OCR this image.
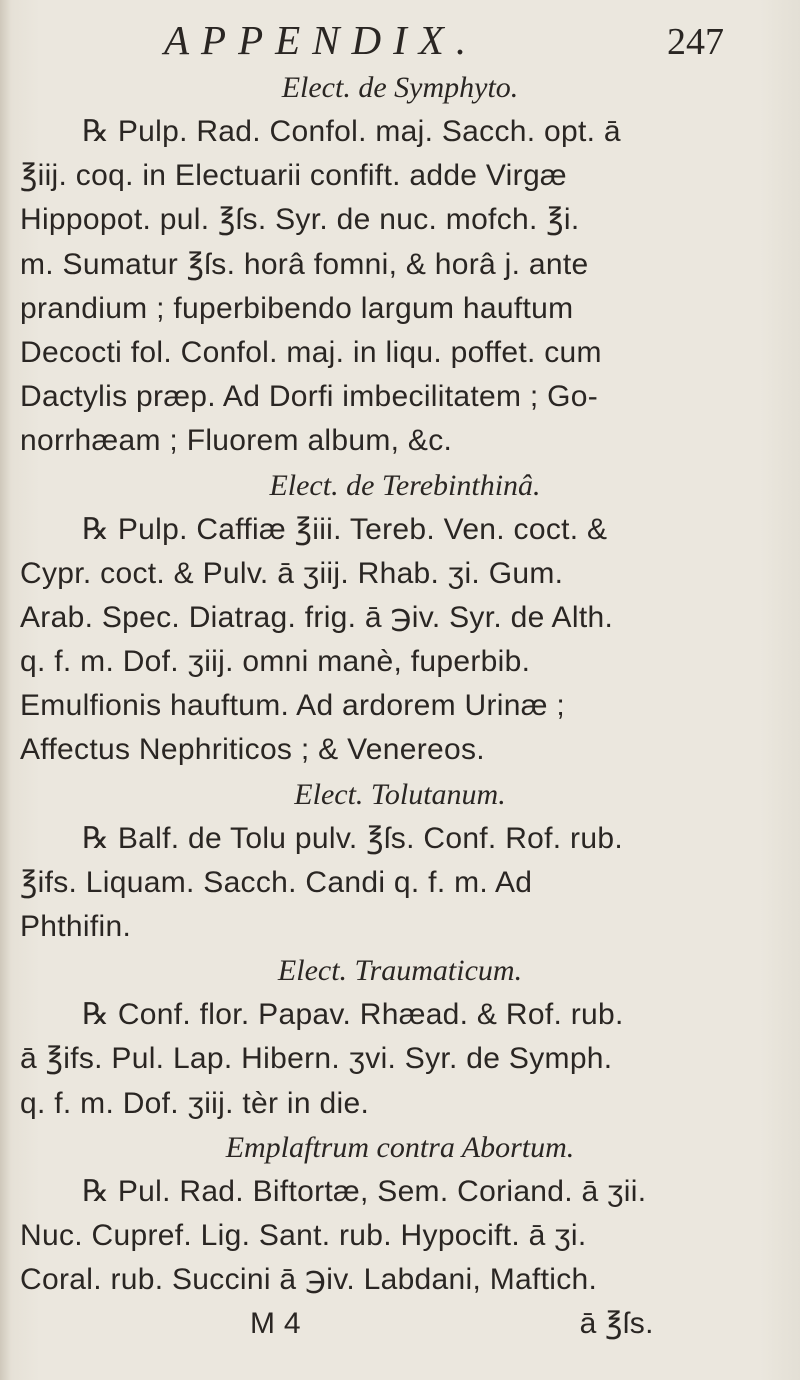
APPENDIX.	247
Elect. de Symphyto.
℞ Pulp. Rad. Confol. maj. Sacch. opt. ā
℥iij. coq. in Electuarii confift. adde Virgæ
Hippopot. pul. ℥ſs. Syr. de nuc. mofch. ℥i.
m. Sumatur ℥ſs. horâ fomni, & horâ j. ante
prandium ; fuperbibendo largum hauftum
Decocti fol. Confol. maj. in liqu. poffet. cum
Dactylis præp. Ad Dorfi imbecilitatem ; Go-
norrhæam ; Fluorem album, &c.
Elect. de Terebinthinâ.
℞ Pulp. Caffiæ ℥iii. Tereb. Ven. coct. &
Cypr. coct. & Pulv. ā ʒiij. Rhab. ʒi. Gum.
Arab. Spec. Diatrag. frig. ā ℈iv. Syr. de Alth.
q. f. m. Dof. ʒiij. omni manè, fuperbib.
Emulfionis hauftum. Ad ardorem Urinæ ;
Affectus Nephriticos ; & Venereos.
Elect. Tolutanum.
℞ Balf. de Tolu pulv. ℥ſs. Conf. Rof. rub.
℥ifs. Liquam. Sacch. Candi q. f. m. Ad
Phthifin.
Elect. Traumaticum.
℞ Conf. flor. Papav. Rhæad. & Rof. rub.
ā ℥ifs. Pul. Lap. Hibern. ʒvi. Syr. de Symph.
q. f. m. Dof. ʒiij. tèr in die.
Emplaftrum contra Abortum.
℞ Pul. Rad. Biftortæ, Sem. Coriand. ā ʒii.
Nuc. Cupref. Lig. Sant. rub. Hypocift. ā ʒi.
Coral. rub. Succini ā ℈iv. Labdani, Maftich.
M 4	ā ℥ſs.
